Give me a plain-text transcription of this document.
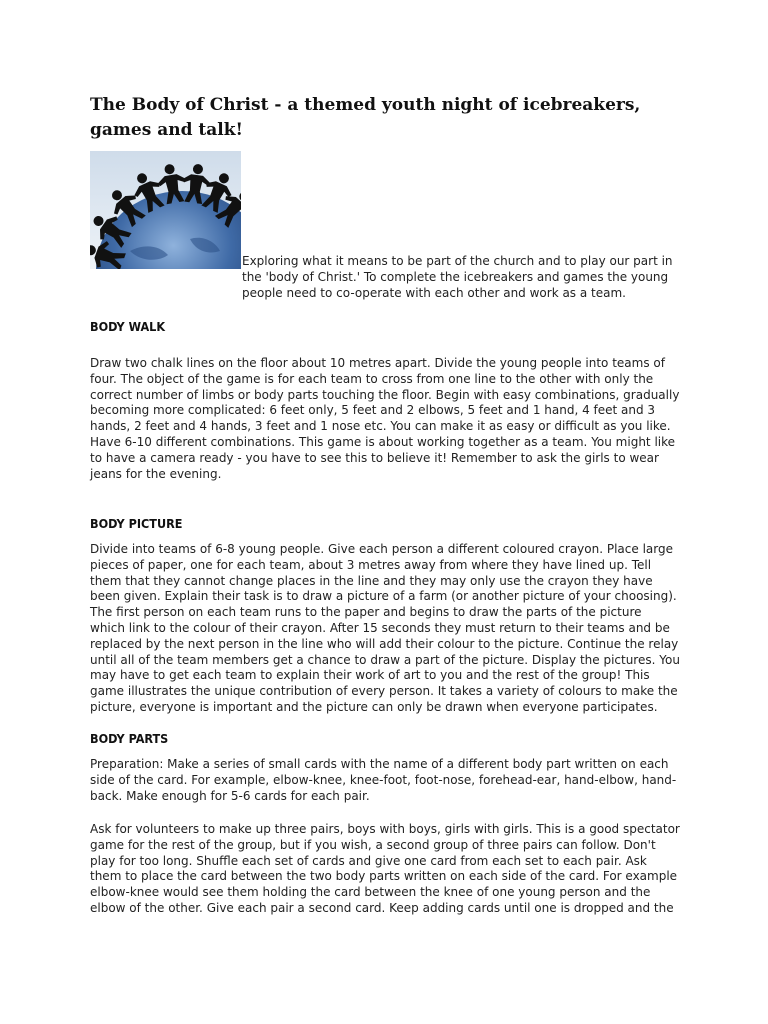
The Body of Christ - a themed youth night of icebreakers, games and talk!
Exploring what it means to be part of the church and to play our part in the 'body of Christ.' To complete the icebreakers and games the young people need to co-operate with each other and work as a team.
BODY WALK

Draw two chalk lines on the floor about 10 metres apart. Divide the young people into teams of four. The object of the game is for each team to cross from one line to the other with only the correct number of limbs or body parts touching the floor. Begin with easy combinations, gradually becoming more complicated: 6 feet only, 5 feet and 2 elbows, 5 feet and 1 hand, 4 feet and 3 hands, 2 feet and 4 hands, 3 feet and 1 nose etc. You can make it as easy or difficult as you like. Have 6-10 different combinations. This game is about working together as a team. You might like to have a camera ready - you have to see this to believe it! Remember to ask the girls to wear jeans for the evening.

BODY PICTURE

Divide into teams of 6-8 young people. Give each person a different coloured crayon. Place large pieces of paper, one for each team, about 3 metres away from where they have lined up. Tell them that they cannot change places in the line and they may only use the crayon they have been given. Explain their task is to draw a picture of a farm (or another picture of your choosing). The first person on each team runs to the paper and begins to draw the parts of the picture which link to the colour of their crayon. After 15 seconds they must return to their teams and be replaced by the next person in the line who will add their colour to the picture. Continue the relay until all of the team members get a chance to draw a part of the picture. Display the pictures. You may have to get each team to explain their work of art to you and the rest of the group! This game illustrates the unique contribution of every person. It takes a variety of colours to make the picture, everyone is important and the picture can only be drawn when everyone participates.

BODY PARTS

Preparation: Make a series of small cards with the name of a different body part written on each side of the card. For example, elbow-knee, knee-foot, foot-nose, forehead-ear, hand-elbow, hand-back. Make enough for 5-6 cards for each pair.

Ask for volunteers to make up three pairs, boys with boys, girls with girls. This is a good spectator game for the rest of the group, but if you wish, a second group of three pairs can follow. Don't play for too long. Shuffle each set of cards and give one card from each set to each pair. Ask them to place the card between the two body parts written on each side of the card. For example elbow-knee would see them holding the card between the knee of one young person and the elbow of the other. Give each pair a second card. Keep adding cards until one is dropped and the
